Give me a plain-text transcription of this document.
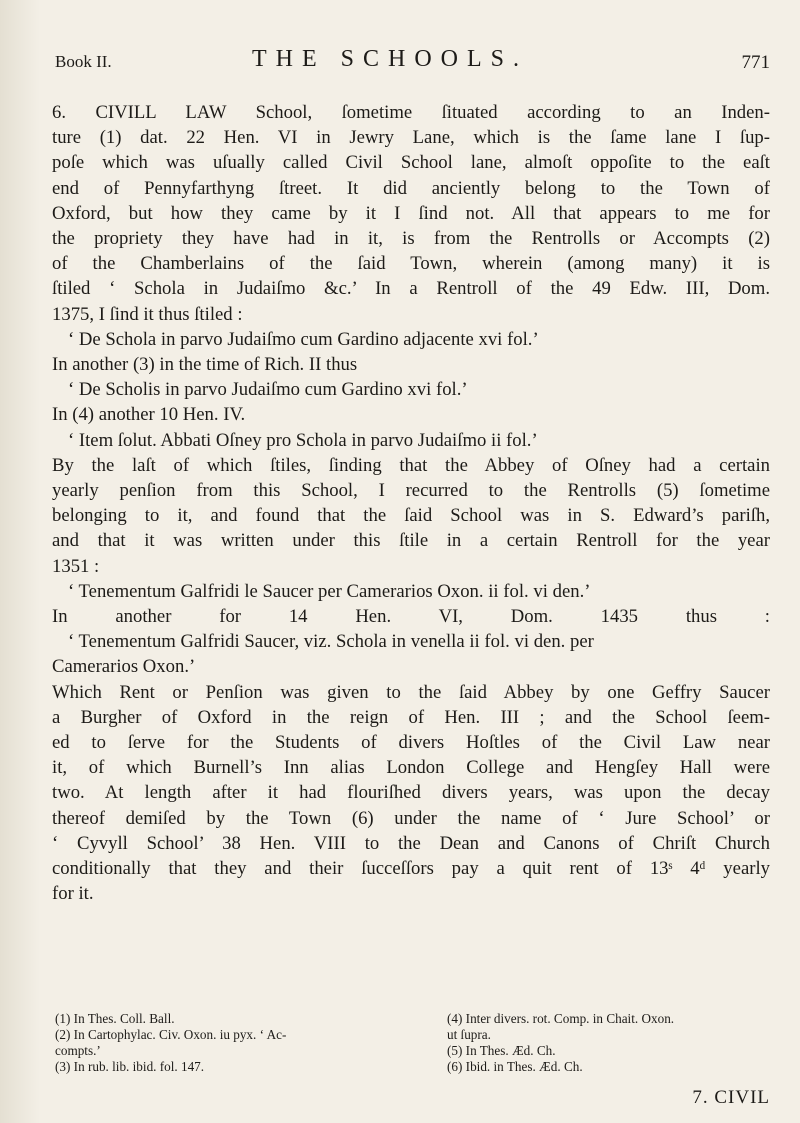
Book II.	THE SCHOOLS.	771
6. CIVILL LAW School, ſometime ſituated according to an Inden-
ture (1) dat. 22 Hen. VI in Jewry Lane, which is the ſame lane I ſup-
poſe which was uſually called Civil School lane, almoſt oppoſite to the eaſt
end of Pennyfarthyng ſtreet. It did anciently belong to the Town of
Oxford, but how they came by it I ſind not. All that appears to me for
the propriety they have had in it, is from the Rentrolls or Accompts (2)
of the Chamberlains of the ſaid Town, wherein (among many) it is
ſtiled ‘ Schola in Judaiſmo &c.’ In a Rentroll of the 49 Edw. III, Dom.
1375, I ſind it thus ſtiled :
‘ De Schola in parvo Judaiſmo cum Gardino adjacente xvi fol.’
In another (3) in the time of Rich. II thus
‘ De Scholis in parvo Judaiſmo cum Gardino xvi fol.’
In (4) another 10 Hen. IV.
‘ Item ſolut. Abbati Oſney pro Schola in parvo Judaiſmo ii fol.’
By the laſt of which ſtiles, ſinding that the Abbey of Oſney had a certain
yearly penſion from this School, I recurred to the Rentrolls (5) ſometime
belonging to it, and found that the ſaid School was in S. Edward’s pariſh,
and that it was written under this ſtile in a certain Rentroll for the year
1351 :
‘ Tenementum Galfridi le Saucer per Camerarios Oxon. ii fol. vi den.’
In another for 14 Hen. VI, Dom. 1435 thus :
‘ Tenementum Galfridi Saucer, viz. Schola in venella ii fol. vi den. per
Camerarios Oxon.’
Which Rent or Penſion was given to the ſaid Abbey by one Geffry Saucer
a Burgher of Oxford in the reign of Hen. III ; and the School ſeem-
ed to ſerve for the Students of divers Hoſtles of the Civil Law near
it, of which Burnell’s Inn alias London College and Hengſey Hall were
two. At length after it had flouriſhed divers years, was upon the decay
thereof demiſed by the Town (6) under the name of ‘ Jure School’ or
‘ Cyvyll School’ 38 Hen. VIII to the Dean and Canons of Chriſt Church
conditionally that they and their ſucceſſors pay a quit rent of 13ˢ 4ᵈ yearly
for it.
(1) In Thes. Coll. Ball.
(2) In Cartophylac. Civ. Oxon. iu pyx. ‘ Ac-
compts.’
(3) In rub. lib. ibid. fol. 147.
(4) Inter divers. rot. Comp. in Chait. Oxon.
ut ſupra.
(5) In Thes. Æd. Ch.
(6) Ibid. in Thes. Æd. Ch.
7. CIVIL
